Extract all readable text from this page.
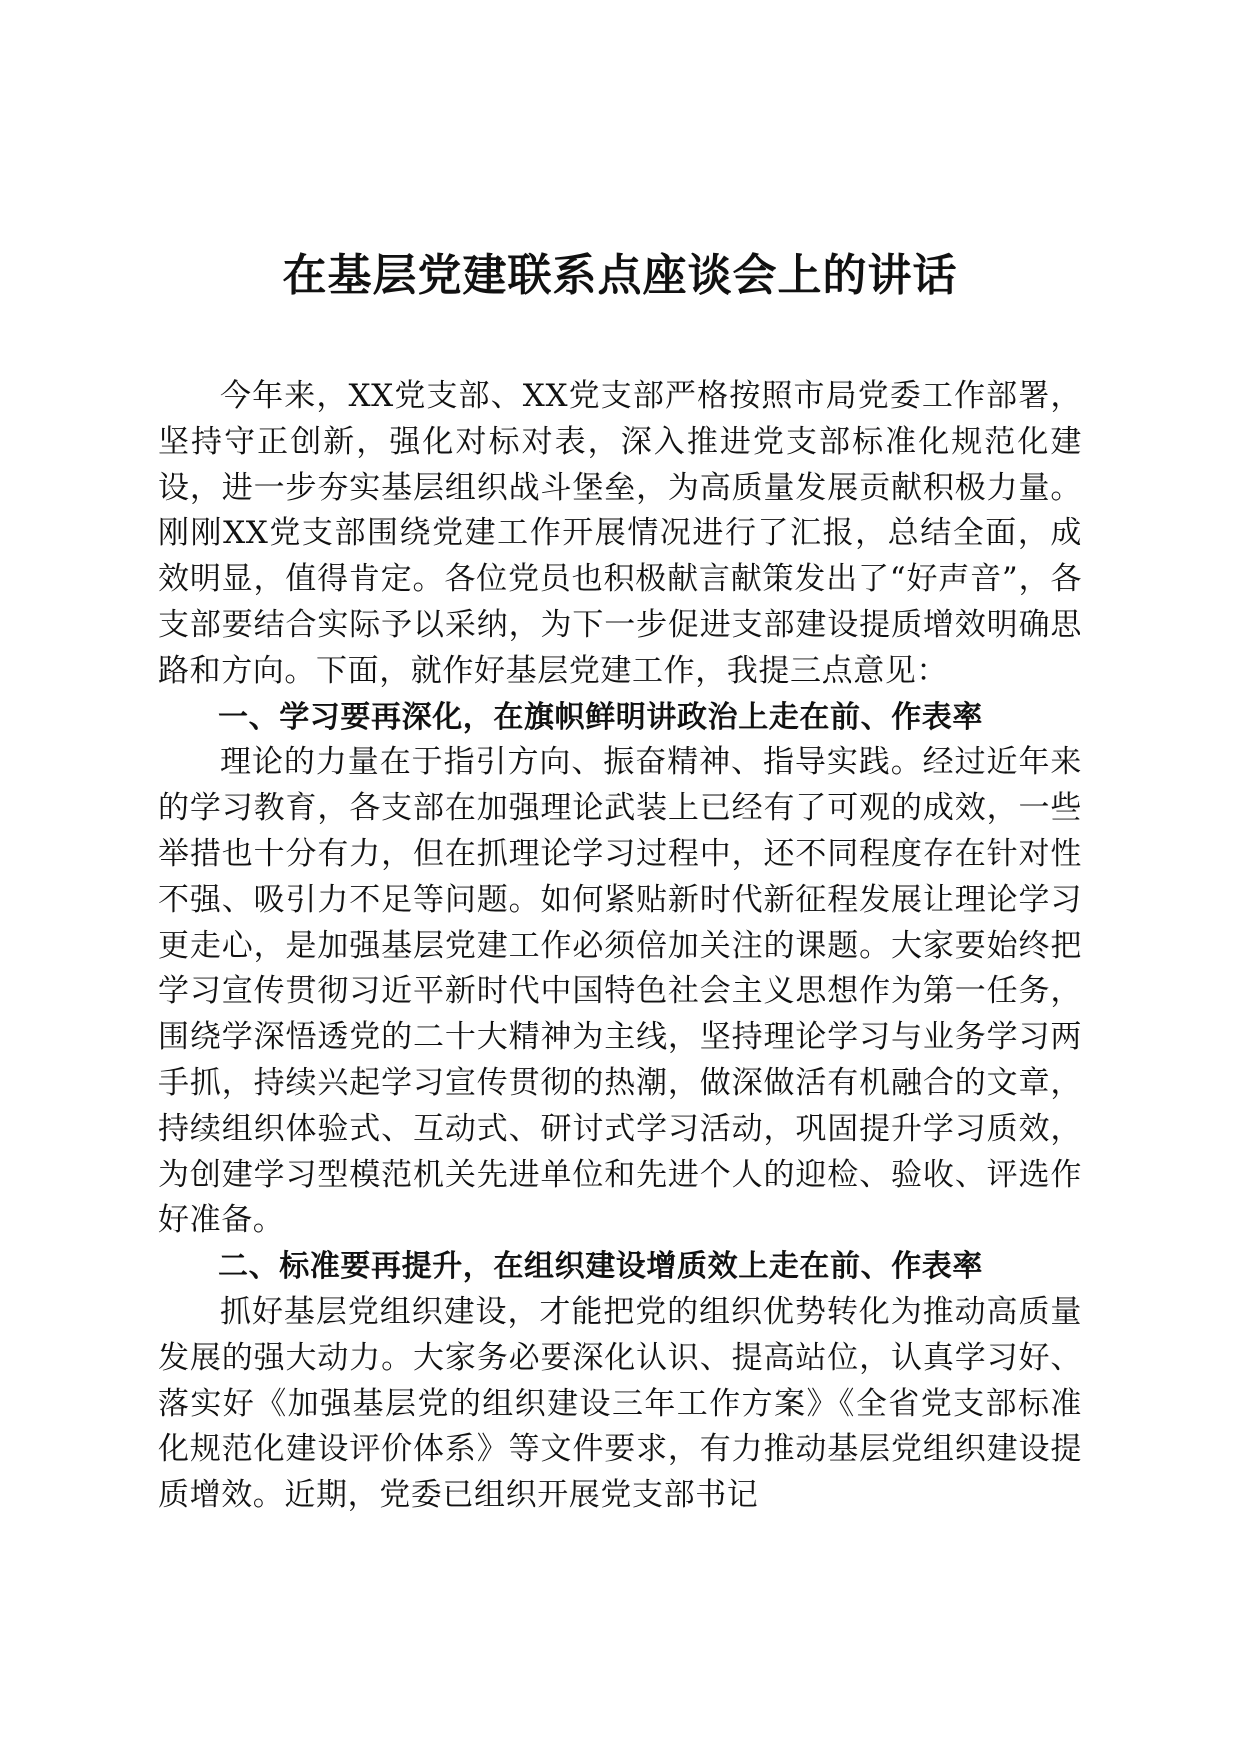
在基层党建联系点座谈会上的讲话

今年来，XX党支部、XX党支部严格按照市局党委工作部署，坚持守正创新，强化对标对表，深入推进党支部标准化规范化建设，进一步夯实基层组织战斗堡垒，为高质量发展贡献积极力量。刚刚XX党支部围绕党建工作开展情况进行了汇报，总结全面，成效明显，值得肯定。各位党员也积极献言献策发出了“好声音”，各支部要结合实际予以采纳，为下一步促进支部建设提质增效明确思路和方向。下面，就作好基层党建工作，我提三点意见：

一、学习要再深化，在旗帜鲜明讲政治上走在前、作表率

理论的力量在于指引方向、振奋精神、指导实践。经过近年来的学习教育，各支部在加强理论武装上已经有了可观的成效，一些举措也十分有力，但在抓理论学习过程中，还不同程度存在针对性不强、吸引力不足等问题。如何紧贴新时代新征程发展让理论学习更走心，是加强基层党建工作必须倍加关注的课题。大家要始终把学习宣传贯彻习近平新时代中国特色社会主义思想作为第一任务，围绕学深悟透党的二十大精神为主线，坚持理论学习与业务学习两手抓，持续兴起学习宣传贯彻的热潮，做深做活有机融合的文章，持续组织体验式、互动式、研讨式学习活动，巩固提升学习质效，为创建学习型模范机关先进单位和先进个人的迎检、验收、评选作好准备。

二、标准要再提升，在组织建设增质效上走在前、作表率

抓好基层党组织建设，才能把党的组织优势转化为推动高质量发展的强大动力。大家务必要深化认识、提高站位，认真学习好、落实好《加强基层党的组织建设三年工作方案》《全省党支部标准化规范化建设评价体系》等文件要求，有力推动基层党组织建设提质增效。近期，党委已组织开展党支部书记
